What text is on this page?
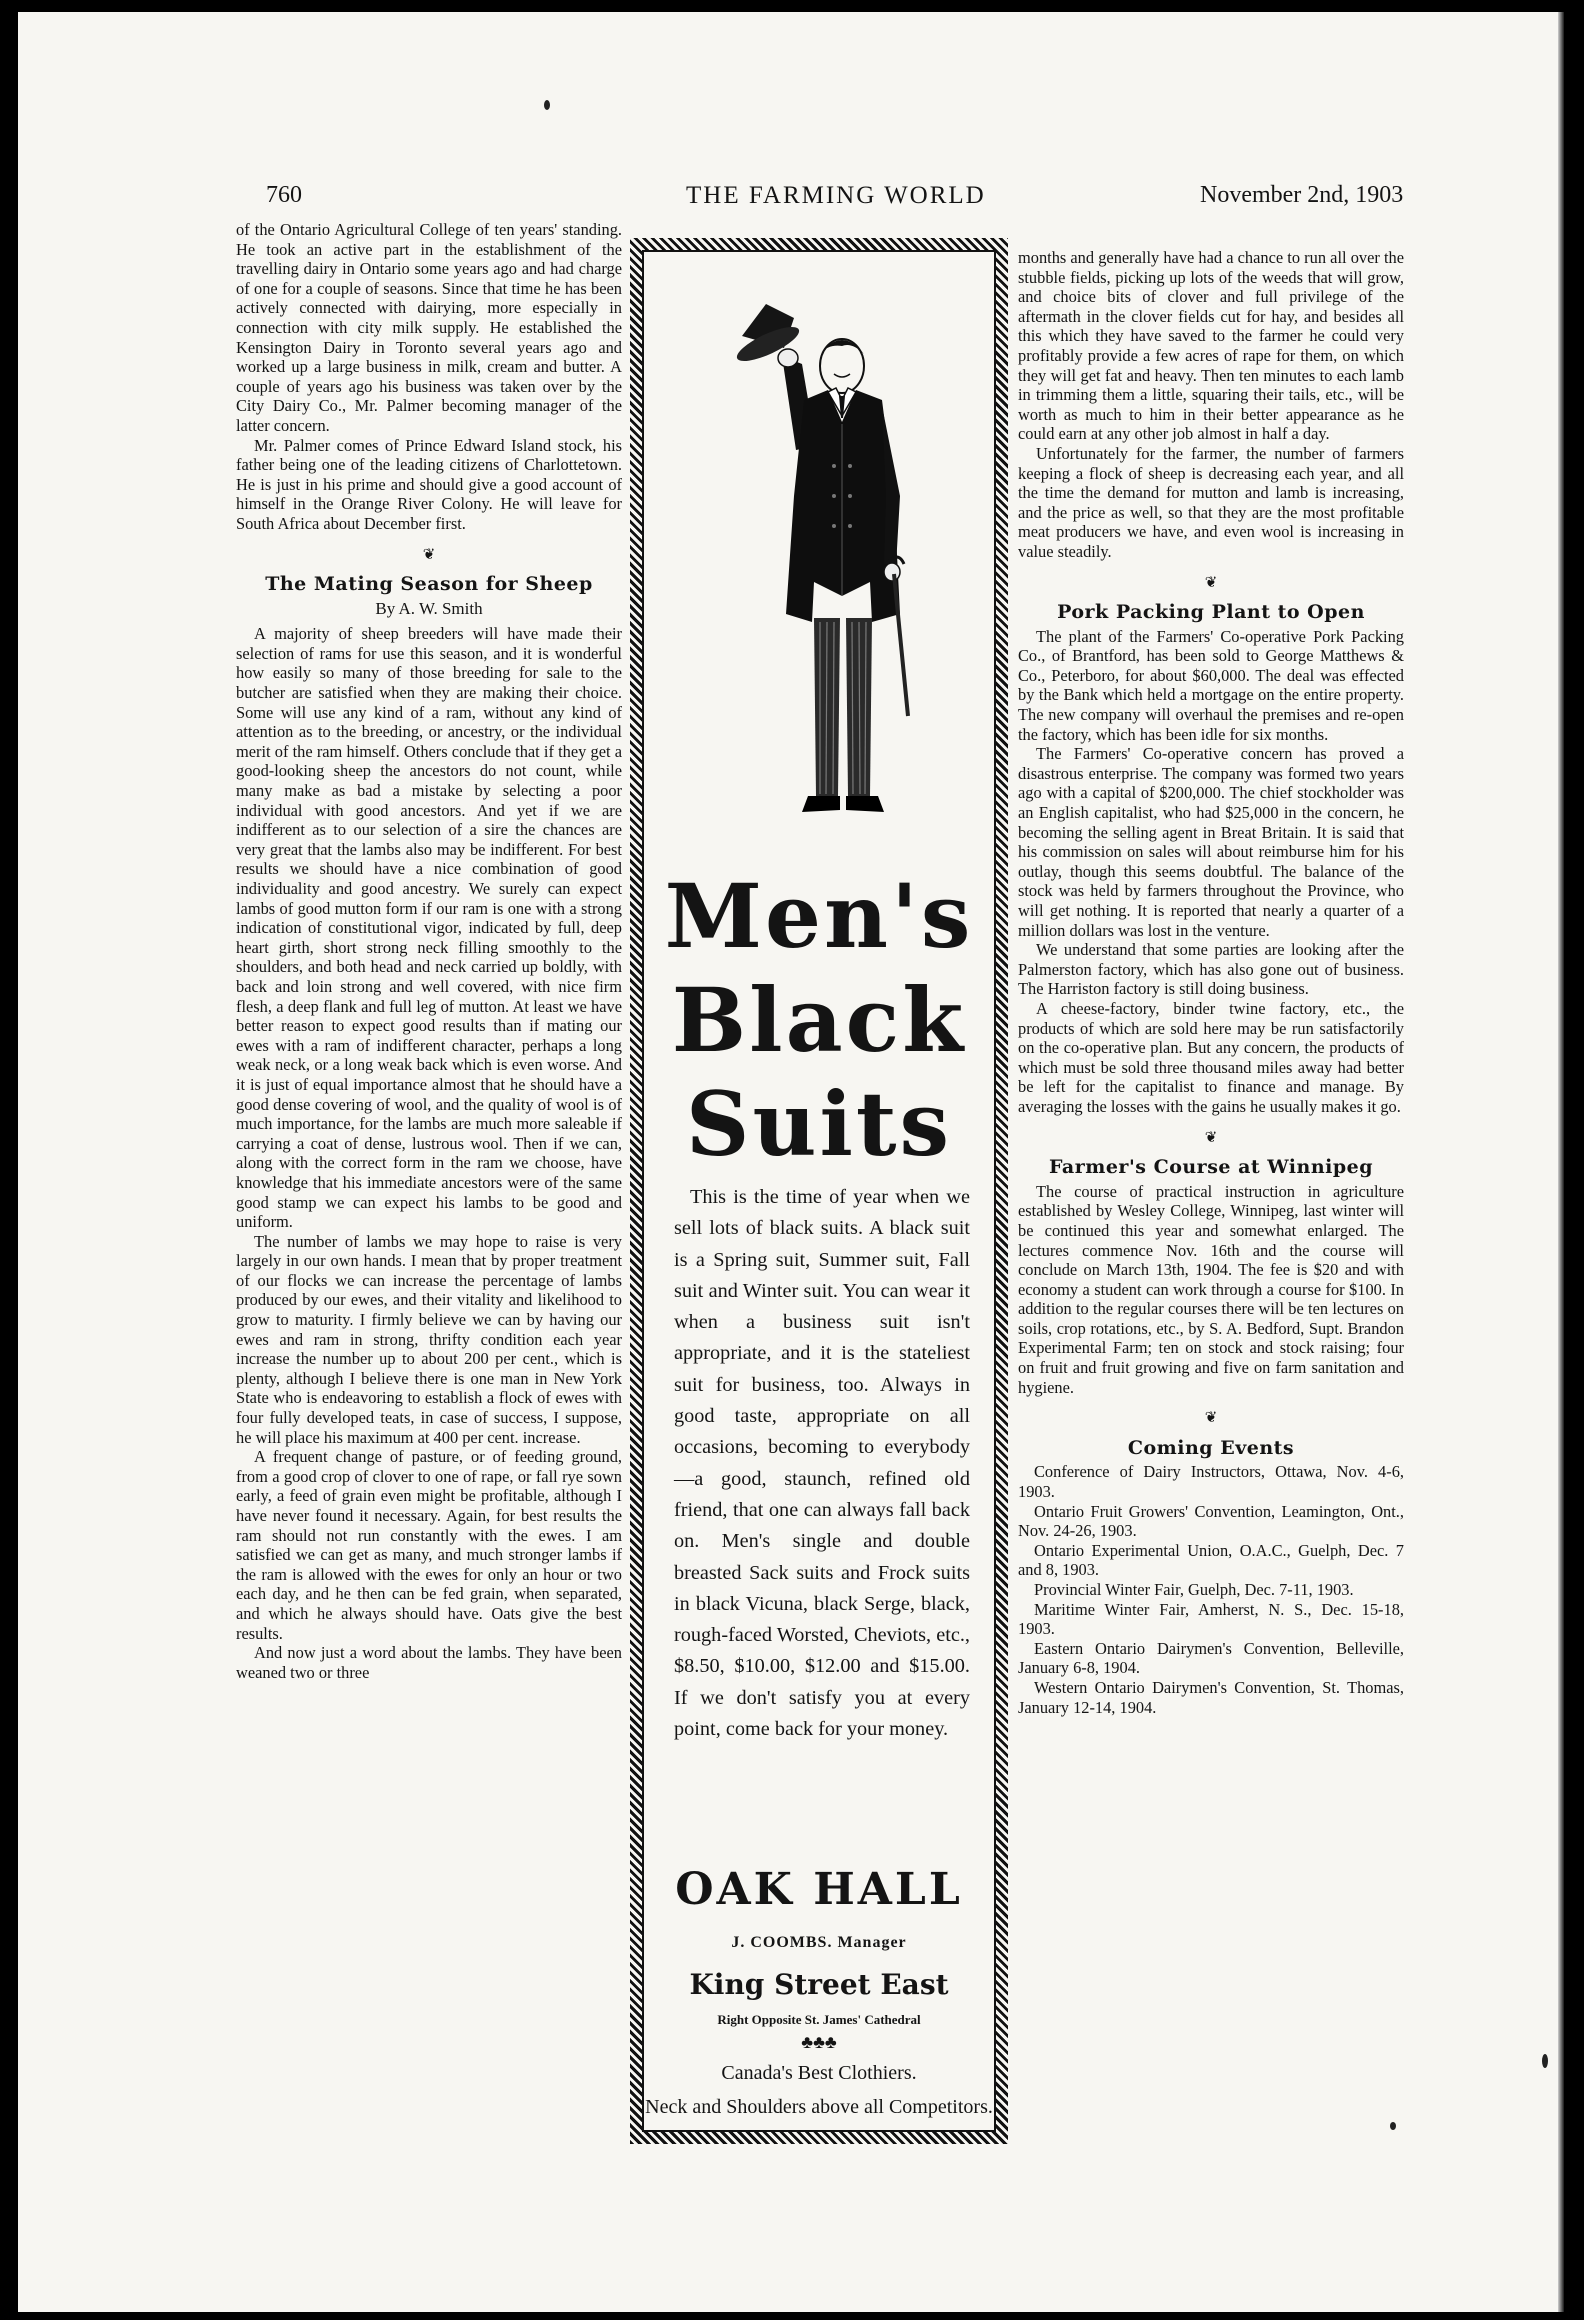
760	THE FARMING WORLD	November 2nd, 1903

of the Ontario Agricultural College of ten years' standing. He took an active part in the establishment of the travelling dairy in Ontario some years ago and had charge of one for a couple of seasons. Since that time he has been actively connected with dairying, more especially in connection with city milk supply. He established the Kensington Dairy in Toronto several years ago and worked up a large business in milk, cream and butter. A couple of years ago his business was taken over by the City Dairy Co., Mr. Palmer becoming manager of the latter concern.

Mr. Palmer comes of Prince Edward Island stock, his father being one of the leading citizens of Charlottetown. He is just in his prime and should give a good account of himself in the Orange River Colony. He will leave for South Africa about December first.

❦
The Mating Season for Sheep
By A. W. Smith

A majority of sheep breeders will have made their selection of rams for use this season, and it is wonderful how easily so many of those breeding for sale to the butcher are satisfied when they are making their choice. Some will use any kind of a ram, without any kind of attention as to the breeding, or ancestry, or the individual merit of the ram himself. Others conclude that if they get a good-looking sheep the ancestors do not count, while many make as bad a mistake by selecting a poor individual with good ancestors. And yet if we are indifferent as to our selection of a sire the chances are very great that the lambs also may be indifferent. For best results we should have a nice combination of good individuality and good ancestry. We surely can expect lambs of good mutton form if our ram is one with a strong indication of constitutional vigor, indicated by full, deep heart girth, short strong neck filling smoothly to the shoulders, and both head and neck carried up boldly, with back and loin strong and well covered, with nice firm flesh, a deep flank and full leg of mutton. At least we have better reason to expect good results than if mating our ewes with a ram of indifferent character, perhaps a long weak neck, or a long weak back which is even worse. And it is just of equal importance almost that he should have a good dense covering of wool, and the quality of wool is of much importance, for the lambs are much more saleable if carrying a coat of dense, lustrous wool. Then if we can, along with the correct form in the ram we choose, have knowledge that his immediate ancestors were of the same good stamp we can expect his lambs to be good and uniform.

The number of lambs we may hope to raise is very largely in our own hands. I mean that by proper treatment of our flocks we can increase the percentage of lambs produced by our ewes, and their vitality and likelihood to grow to maturity. I firmly believe we can by having our ewes and ram in strong, thrifty condition each year increase the number up to about 200 per cent., which is plenty, although I believe there is one man in New York State who is endeavoring to establish a flock of ewes with four fully developed teats, in case of success, I suppose, he will place his maximum at 400 per cent. increase.

A frequent change of pasture, or of feeding ground, from a good crop of clover to one of rape, or fall rye sown early, a feed of grain even might be profitable, although I have never found it necessary. Again, for best results the ram should not run constantly with the ewes. I am satisfied we can get as many, and much stronger lambs if the ram is allowed with the ewes for only an hour or two each day, and he then can be fed grain, when separated, and which he always should have. Oats give the best results.

And now just a word about the lambs. They have been weaned two or three

Men's
Black
Suits

This is the time of year when we sell lots of black suits. A black suit is a Spring suit, Summer suit, Fall suit and Winter suit. You can wear it when a business suit isn't appropriate, and it is the stateliest suit for business, too. Always in good taste, appropriate on all occasions, becoming to everybody—a good, staunch, refined old friend, that one can always fall back on. Men's single and double breasted Sack suits and Frock suits in black Vicuna, black Serge, black, rough-faced Worsted, Cheviots, etc., $8.50, $10.00, $12.00 and $15.00. If we don't satisfy you at every point, come back for your money.

OAK HALL
J. COOMBS. Manager
King Street East
Right Opposite St. James' Cathedral
♣♣♣
Canada's Best Clothiers.
Neck and Shoulders above all Competitors.

months and generally have had a chance to run all over the stubble fields, picking up lots of the weeds that will grow, and choice bits of clover and full privilege of the aftermath in the clover fields cut for hay, and besides all this which they have saved to the farmer he could very profitably provide a few acres of rape for them, on which they will get fat and heavy. Then ten minutes to each lamb in trimming them a little, squaring their tails, etc., will be worth as much to him in their better appearance as he could earn at any other job almost in half a day.

Unfortunately for the farmer, the number of farmers keeping a flock of sheep is decreasing each year, and all the time the demand for mutton and lamb is increasing, and the price as well, so that they are the most profitable meat producers we have, and even wool is increasing in value steadily.

❦
Pork Packing Plant to Open

The plant of the Farmers' Co-operative Pork Packing Co., of Brantford, has been sold to George Matthews & Co., Peterboro, for about $60,000. The deal was effected by the Bank which held a mortgage on the entire property. The new company will overhaul the premises and re-open the factory, which has been idle for six months.

The Farmers' Co-operative concern has proved a disastrous enterprise. The company was formed two years ago with a capital of $200,000. The chief stockholder was an English capitalist, who had $25,000 in the concern, he becoming the selling agent in Breat Britain. It is said that his commission on sales will about reimburse him for his outlay, though this seems doubtful. The balance of the stock was held by farmers throughout the Province, who will get nothing. It is reported that nearly a quarter of a million dollars was lost in the venture.

We understand that some parties are looking after the Palmerston factory, which has also gone out of business. The Harriston factory is still doing business.

A cheese-factory, binder twine factory, etc., the products of which are sold here may be run satisfactorily on the co-operative plan. But any concern, the products of which must be sold three thousand miles away had better be left for the capitalist to finance and manage. By averaging the losses with the gains he usually makes it go.

❦
Farmer's Course at Winnipeg

The course of practical instruction in agriculture established by Wesley College, Winnipeg, last winter will be continued this year and somewhat enlarged. The lectures commence Nov. 16th and the course will conclude on March 13th, 1904. The fee is $20 and with economy a student can work through a course for $100. In addition to the regular courses there will be ten lectures on soils, crop rotations, etc., by S. A. Bedford, Supt. Brandon Experimental Farm; ten on stock and stock raising; four on fruit and fruit growing and five on farm sanitation and hygiene.

❦
Coming Events

Conference of Dairy Instructors, Ottawa, Nov. 4-6, 1903.

Ontario Fruit Growers' Convention, Leamington, Ont., Nov. 24-26, 1903.

Ontario Experimental Union, O.A.C., Guelph, Dec. 7 and 8, 1903.

Provincial Winter Fair, Guelph, Dec. 7-11, 1903.

Maritime Winter Fair, Amherst, N. S., Dec. 15-18, 1903.

Eastern Ontario Dairymen's Convention, Belleville, January 6-8, 1904.

Western Ontario Dairymen's Convention, St. Thomas, January 12-14, 1904.
